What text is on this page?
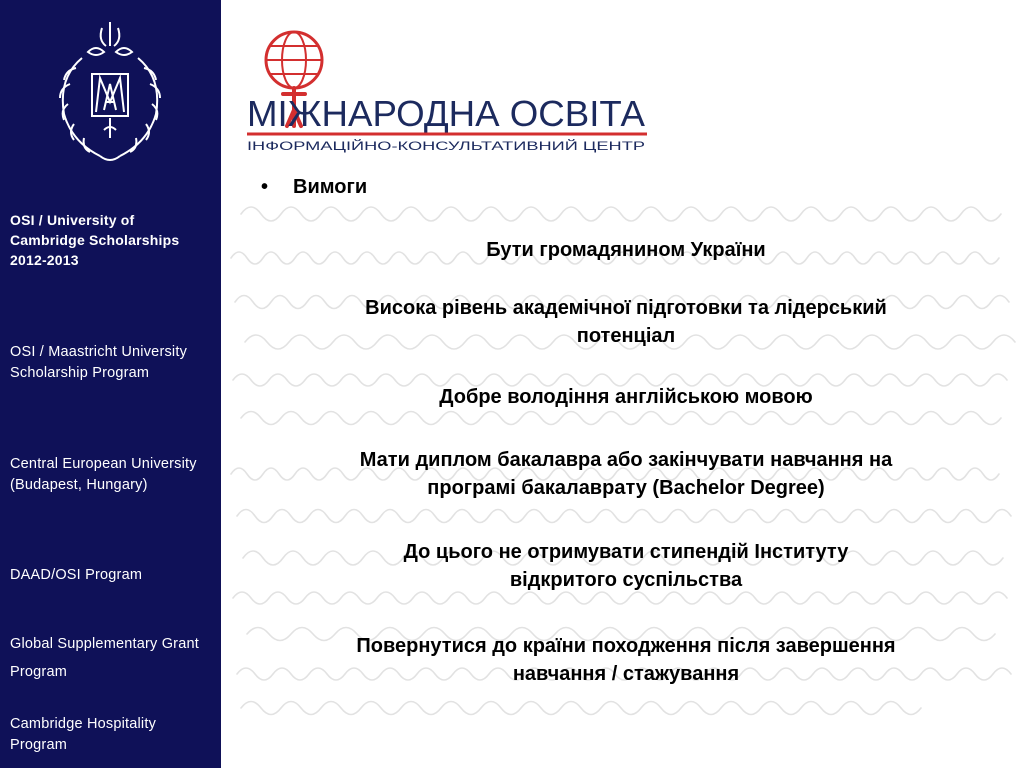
OSI / University of Cambridge Scholarships 2012-2013
OSI / Maastricht University Scholarship Program
Central European University (Budapest, Hungary)
DAAD/OSI Program
Global Supplementary Grant Program
Cambridge Hospitality Program
МІЖНАРОДНА ОСВІТА
ІНФОРМАЦІЙНО-КОНСУЛЬТАТИВНИЙ ЦЕНТР
• Вимоги
Бути громадянином України
Висока рівень академічної підготовки та лідерський
потенціал
Добре володіння англійською мовою
Мати диплом бакалавра або закінчувати навчання на
програмі бакалаврату (Bachelor Degree)
До цього не отримувати стипендій Інституту
відкритого суспільства
Повернутися до країни походження після завершення
навчання / стажування
